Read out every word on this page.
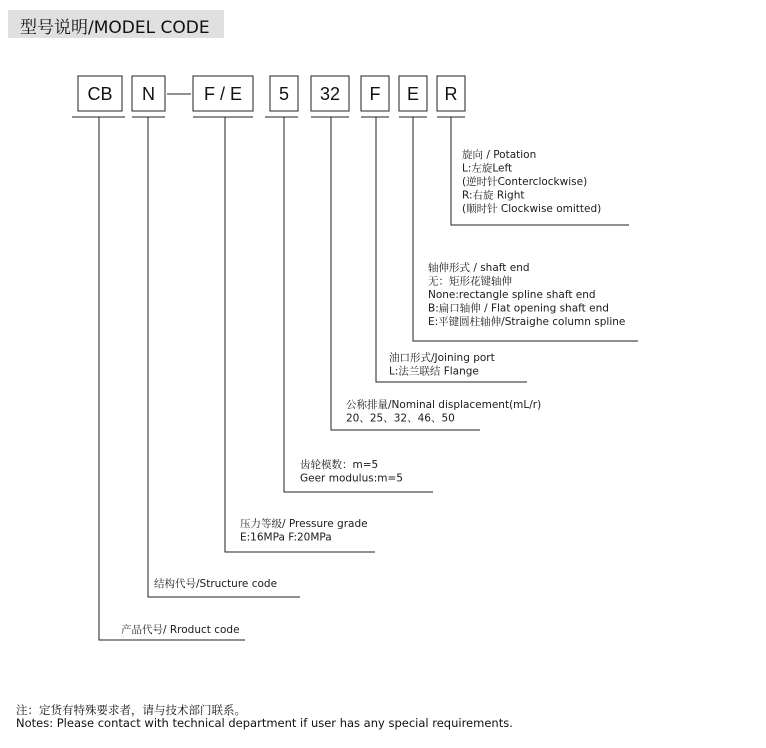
型号说明/MODEL CODE
CB N	F / E 5 32 F E R
旋向 / Potation
L:左旋Left
(逆时针Conterclockwise)
R:右旋 Right
(顺时针 Clockwise omitted)
轴伸形式 / shaft end
无：矩形花键轴伸
None:rectangle spline shaft end
B:扁口轴伸 / Flat opening shaft end
E:平键圆柱轴伸/Straighe column spline
油口形式/Joining port
L:法兰联结 Flange
公称排量/Nominal displacement(mL/r)
20、25、32、46、50
齿轮模数：m=5
Geer modulus:m=5
压力等级/ Pressure grade
E:16MPa F:20MPa
结构代号/Structure code
产品代号/ Rroduct code
注：定货有特殊要求者，请与技术部门联系。
Notes: Please contact with technical department if user has any special requirements.
